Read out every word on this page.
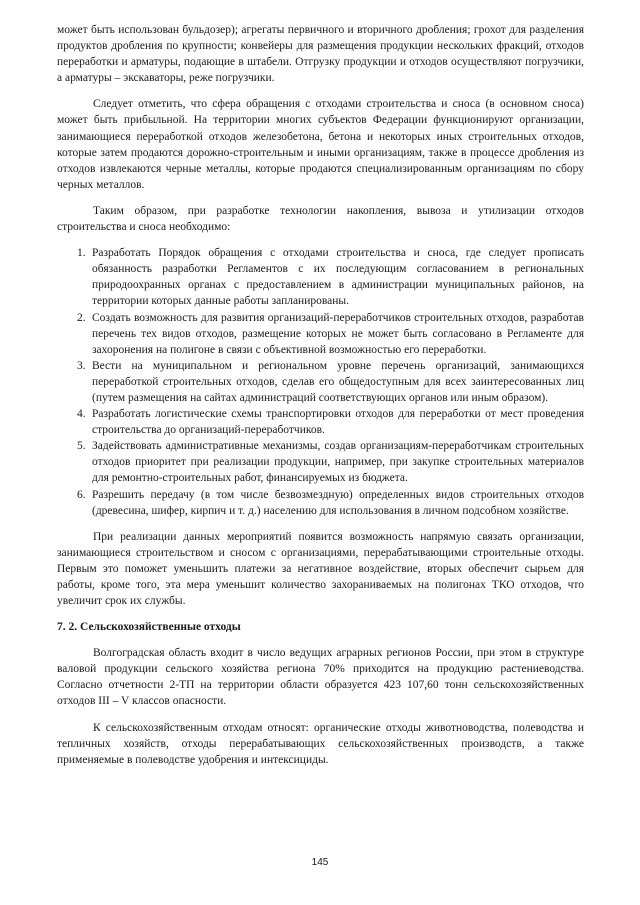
может быть использован бульдозер); агрегаты первичного и вторичного дробления; грохот для разделения продуктов дробления по крупности; конвейеры для размещения продукции нескольких фракций, отходов переработки и арматуры, подающие в штабели. Отгрузку продукции и отходов осуществляют погрузчики, а арматуры – экскаваторы, реже погрузчики.

Следует отметить, что сфера обращения с отходами строительства и сноса (в основном сноса) может быть прибыльной. На территории многих субъектов Федерации функционируют организации, занимающиеся переработкой отходов железобетона, бетона и некоторых иных строительных отходов, которые затем продаются дорожно-строительным и иными организациям, также в процессе дробления из отходов извлекаются черные металлы, которые продаются специализированным организациям по сбору черных металлов.

Таким образом, при разработке технологии накопления, вывоза и утилизации отходов строительства и сноса необходимо:

1. Разработать Порядок обращения с отходами строительства и сноса, где следует прописать обязанность разработки Регламентов с их последующим согласованием в региональных природоохранных органах с предоставлением в администрации муниципальных районов, на территории которых данные работы запланированы.
2. Создать возможность для развития организаций-переработчиков строительных отходов, разработав перечень тех видов отходов, размещение которых не может быть согласовано в Регламенте для захоронения на полигоне в связи с объективной возможностью его переработки.
3. Вести на муниципальном и региональном уровне перечень организаций, занимающихся переработкой строительных отходов, сделав его общедоступным для всех заинтересованных лиц (путем размещения на сайтах администраций соответствующих органов или иным образом).
4. Разработать логистические схемы транспортировки отходов для переработки от мест проведения строительства до организаций-переработчиков.
5. Задействовать административные механизмы, создав организациям-переработчикам строительных отходов приоритет при реализации продукции, например, при закупке строительных материалов для ремонтно-строительных работ, финансируемых из бюджета.
6. Разрешить передачу (в том числе безвозмездную) определенных видов строительных отходов (древесина, шифер, кирпич и т. д.) населению для использования в личном подсобном хозяйстве.

При реализации данных мероприятий появится возможность напрямую связать организации, занимающиеся строительством и сносом с организациями, перерабатывающими строительные отходы. Первым это поможет уменьшить платежи за негативное воздействие, вторых обеспечит сырьем для работы, кроме того, эта мера уменьшит количество захораниваемых на полигонах ТКО отходов, что увеличит срок их службы.

7. 2. Сельскохозяйственные отходы

Волгоградская область входит в число ведущих аграрных регионов России, при этом в структуре валовой продукции сельского хозяйства региона 70% приходится на продукцию растениеводства. Согласно отчетности 2-ТП на территории области образуется 423 107,60 тонн сельскохозяйственных отходов III – V классов опасности.

К сельскохозяйственным отходам относят: органические отходы животноводства, полеводства и тепличных хозяйств, отходы перерабатывающих сельскохозяйственных производств, а также применяемые в полеводстве удобрения и интексициды.

145
